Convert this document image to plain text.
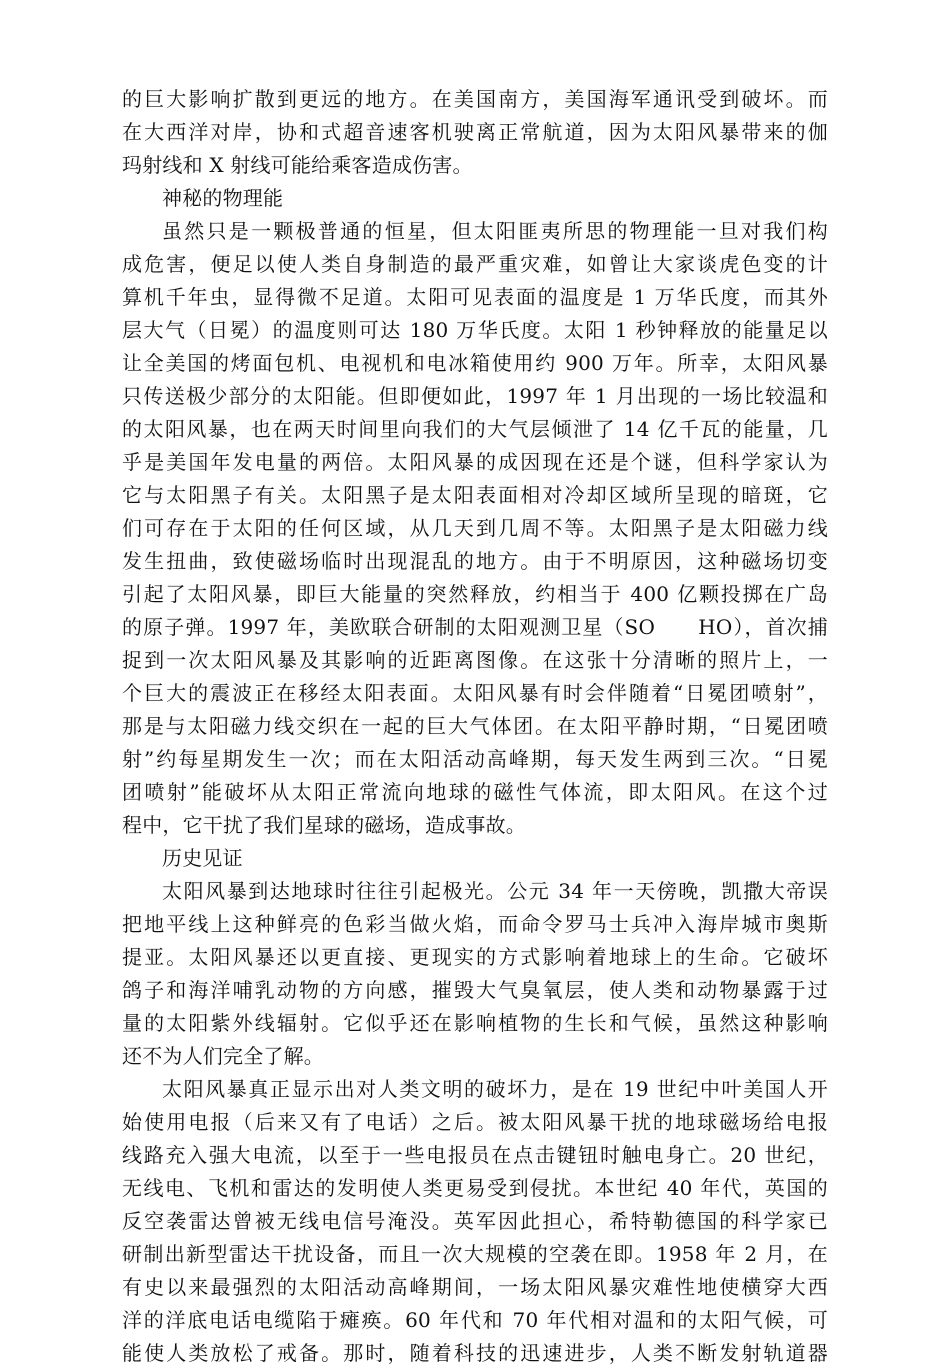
的巨大影响扩散到更远的地方。在美国南方，美国海军通讯受到破坏。而
在大西洋对岸，协和式超音速客机驶离正常航道，因为太阳风暴带来的伽
玛射线和 X 射线可能给乘客造成伤害。
神秘的物理能
虽然只是一颗极普通的恒星，但太阳匪夷所思的物理能一旦对我们构
成危害，便足以使人类自身制造的最严重灾难，如曾让大家谈虎色变的计
算机千年虫，显得微不足道。太阳可见表面的温度是 1 万华氏度，而其外
层大气（日冕）的温度则可达 180 万华氏度。太阳 1 秒钟释放的能量足以
让全美国的烤面包机、电视机和电冰箱使用约 900 万年。所幸，太阳风暴
只传送极少部分的太阳能。但即便如此，1997 年 1 月出现的一场比较温和
的太阳风暴，也在两天时间里向我们的大气层倾泄了 14 亿千瓦的能量，几
乎是美国年发电量的两倍。太阳风暴的成因现在还是个谜，但科学家认为
它与太阳黑子有关。太阳黑子是太阳表面相对冷却区域所呈现的暗斑，它
们可存在于太阳的任何区域，从几天到几周不等。太阳黑子是太阳磁力线
发生扭曲，致使磁场临时出现混乱的地方。由于不明原因，这种磁场切变
引起了太阳风暴，即巨大能量的突然释放，约相当于 400 亿颗投掷在广岛
的原子弹。1997 年，美欧联合研制的太阳观测卫星（SO　　HO），首次捕
捉到一次太阳风暴及其影响的近距离图像。在这张十分清晰的照片上，一
个巨大的震波正在移经太阳表面。太阳风暴有时会伴随着“日冕团喷射”，
那是与太阳磁力线交织在一起的巨大气体团。在太阳平静时期，“日冕团喷
射”约每星期发生一次；而在太阳活动高峰期，每天发生两到三次。“日冕
团喷射”能破坏从太阳正常流向地球的磁性气体流，即太阳风。在这个过
程中，它干扰了我们星球的磁场，造成事故。
历史见证
太阳风暴到达地球时往往引起极光。公元 34 年一天傍晚，凯撒大帝误
把地平线上这种鲜亮的色彩当做火焰，而命令罗马士兵冲入海岸城市奥斯
提亚。太阳风暴还以更直接、更现实的方式影响着地球上的生命。它破坏
鸽子和海洋哺乳动物的方向感，摧毁大气臭氧层，使人类和动物暴露于过
量的太阳紫外线辐射。它似乎还在影响植物的生长和气候，虽然这种影响
还不为人们完全了解。
太阳风暴真正显示出对人类文明的破坏力，是在 19 世纪中叶美国人开
始使用电报（后来又有了电话）之后。被太阳风暴干扰的地球磁场给电报
线路充入强大电流，以至于一些电报员在点击键钮时触电身亡。20 世纪，
无线电、飞机和雷达的发明使人类更易受到侵扰。本世纪 40 年代，英国的
反空袭雷达曾被无线电信号淹没。英军因此担心，希特勒德国的科学家已
研制出新型雷达干扰设备，而且一次大规模的空袭在即。1958 年 2 月，在
有史以来最强烈的太阳活动高峰期间，一场太阳风暴灾难性地使横穿大西
洋的洋底电话电缆陷于瘫痪。60 年代和 70 年代相对温和的太阳气候，可
能使人类放松了戒备。那时，随着科技的迅速进步，人类不断发射轨道器
